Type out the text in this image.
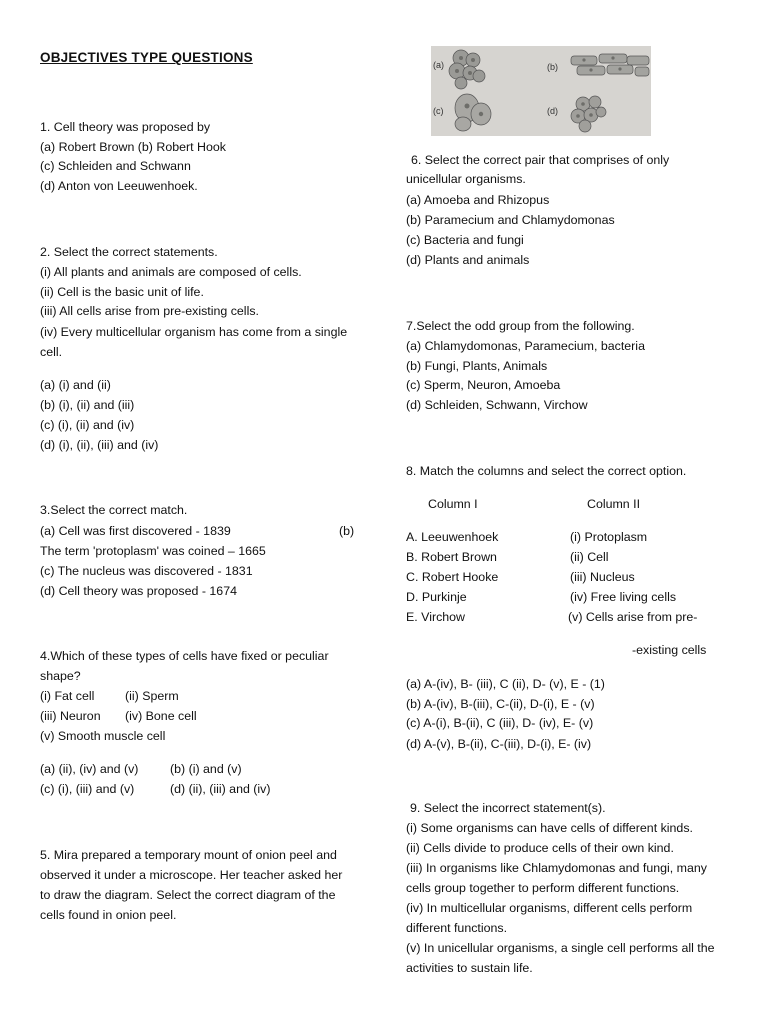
OBJECTIVES TYPE QUESTIONS	(a)	(b)
(c)	(d)
1. Cell theory was proposed by
(a) Robert Brown (b) Robert Hook
(c) Schleiden and Schwann
(d) Anton von Leeuwenhoek.
2. Select the correct statements.
(i) All plants and animals are composed of cells.
(ii) Cell is the basic unit of life.
(iii) All cells arise from pre-existing cells.
(iv) Every multicellular organism has come from a single
cell.
(a) (i) and (ii)
(b) (i), (ii) and (iii)
(c) (i), (ii) and (iv)
(d) (i), (ii), (iii) and (iv)
3.Select the correct match.
(a) Cell was first discovered - 1839	(b)
The term 'protoplasm' was coined – 1665
(c) The nucleus was discovered - 1831
(d) Cell theory was proposed - 1674
4.Which of these types of cells have fixed or peculiar
shape?
(i) Fat cell (ii) Sperm
(iii) Neuron (iv) Bone cell
(v) Smooth muscle cell
(a) (ii), (iv) and (v)	(b) (i) and (v)
(c) (i), (iii) and (v)	(d) (ii), (iii) and (iv)
5. Mira prepared a temporary mount of onion peel and
observed it under a microscope. Her teacher asked her
to draw the diagram. Select the correct diagram of the
cells found in onion peel.
6. Select the correct pair that comprises of only
unicellular organisms.
(a) Amoeba and Rhizopus
(b) Paramecium and Chlamydomonas
(c) Bacteria and fungi
(d) Plants and animals
7.Select the odd group from the following.
(a) Chlamydomonas, Paramecium, bacteria
(b) Fungi, Plants, Animals
(c) Sperm, Neuron, Amoeba
(d) Schleiden, Schwann, Virchow
8. Match the columns and select the correct option.
Column I	Column II
A. Leeuwenhoek	(i) Protoplasm
B. Robert Brown	(ii) Cell
C. Robert Hooke	(iii) Nucleus
D. Purkinje	(iv) Free living cells
E. Virchow	(v) Cells arise from pre-
-existing cells
(a) A-(iv), B- (iii), C (ii), D- (v), E - (1)
(b) A-(iv), B-(iii), C-(ii), D-(i), E - (v)
(c) A-(i), B-(ii), C (iii), D- (iv), E- (v)
(d) A-(v), B-(ii), C-(iii), D-(i), E- (iv)
9. Select the incorrect statement(s).
(i) Some organisms can have cells of different kinds.
(ii) Cells divide to produce cells of their own kind.
(iii) In organisms like Chlamydomonas and fungi, many
cells group together to perform different functions.
(iv) In multicellular organisms, different cells perform
different functions.
(v) In unicellular organisms, a single cell performs all the
activities to sustain life.
